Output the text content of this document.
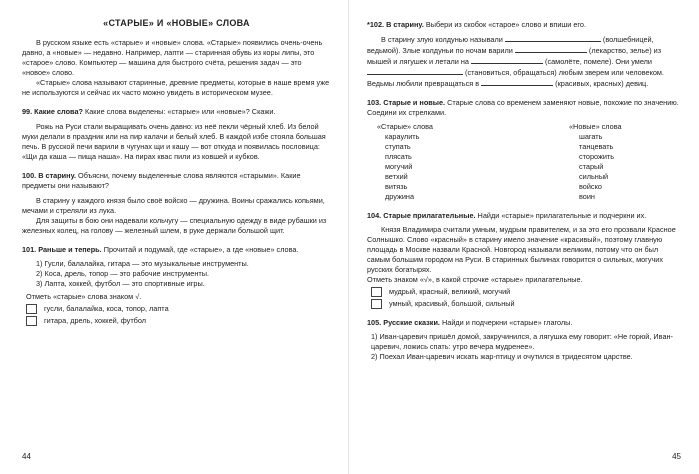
«СТАРЫЕ» И «НОВЫЕ» СЛОВА

В русском языке есть «старые» и «новые» слова. «Старые» появились очень-очень давно, а «новые» — недавно. Например, лапти — старинная обувь из коры липы, это «старое» слово. Компьютер — машина для быстрого счёта, решения задач — это «новое» слово.

«Старые» слова называют старинные, древние предметы, которые в наше время уже не используются и сейчас их часто можно увидеть в историческом музее.

99. Какие слова? Какие слова выделены: «старые» или «новые»? Скажи.

Рожь на Руси стали выращивать очень давно: из неё пекли чёрный хлеб. Из белой муки делали в праздник или на пир калачи и белый хлеб. В каждой избе стояла большая печь. В русской печи варили в чугунах щи и кашу — вот откуда и появилась пословица: «Щи да каша — пища наша». На пирах квас пили из ковшей и кубков.

100. В старину. Объясни, почему выделенные слова являются «старыми». Какие предметы они называют?

В старину у каждого князя было своё войско — дружина. Воины сражались копьями, мечами и стреляли из лука.

Для защиты в бою они надевали кольчугу — специальную одежду в виде рубашки из железных колец, на голову — железный шлем, в руке держали большой щит.

101. Раньше и теперь. Прочитай и подумай, где «старые», а где «новые» слова.

1) Гусли, балалайка, гитара — это музыкальные инструменты.

2) Коса, дрель, топор — это рабочие инструменты.

3) Лапта, хоккей, футбол — это спортивные игры.

Отметь «старые» слова знаком √.

гусли, балалайка, коса, топор, лапта
гитара, дрель, хоккей, футбол
44

*102. В старину. Выбери из скобок «старое» слово и впиши его.

В старину злую колдунью называли	(волшебницей, ведьмой). Злые колдуньи по ночам варили	(лекарство, зелье) из мышей и лягушек и летали на	(самолёте, помеле). Они умели  (становиться, обращаться) любым зверем или человеком. Ведьмы любили превращаться в	(красивых, красных) девиц.

103. Старые и новые. Старые слова со временем заменяют новые, похожие по значению. Соедини их стрелками.

«Старые» слова

караулить

ступать

плясать

могучий

ветхий

витязь

дружина

«Новые» слова

шагать

танцевать

сторожить

старый

сильный

войско

воин

104. Старые прилагательные. Найди «старые» прилагательные и подчеркни их.

Князя Владимира считали умным, мудрым правителем, и за это его прозвали Красное Солнышко. Слово «красный» в старину имело значение «красивый», поэтому главную площадь в Москве назвали Красной. Новгород называли великим, потому что он был самым большим городом на Руси. В старинных былинах говорится о сильных, могучих русских богатырях.

Отметь знаком «√», в какой строчке «старые» прилагательные.

мудрый, красный, великий, могучий
умный, красивый, большой, сильный

105. Русские сказки. Найди и подчеркни «старые» глаголы.

1) Иван-царевич пришёл домой, закручинился, а лягушка ему говорит: «Не горюй, Иван-царевич, ложись спать: утро вечера мудренее».

2) Поехал Иван-царевич искать жар-птицу и очутился в тридесятом царстве.

45
